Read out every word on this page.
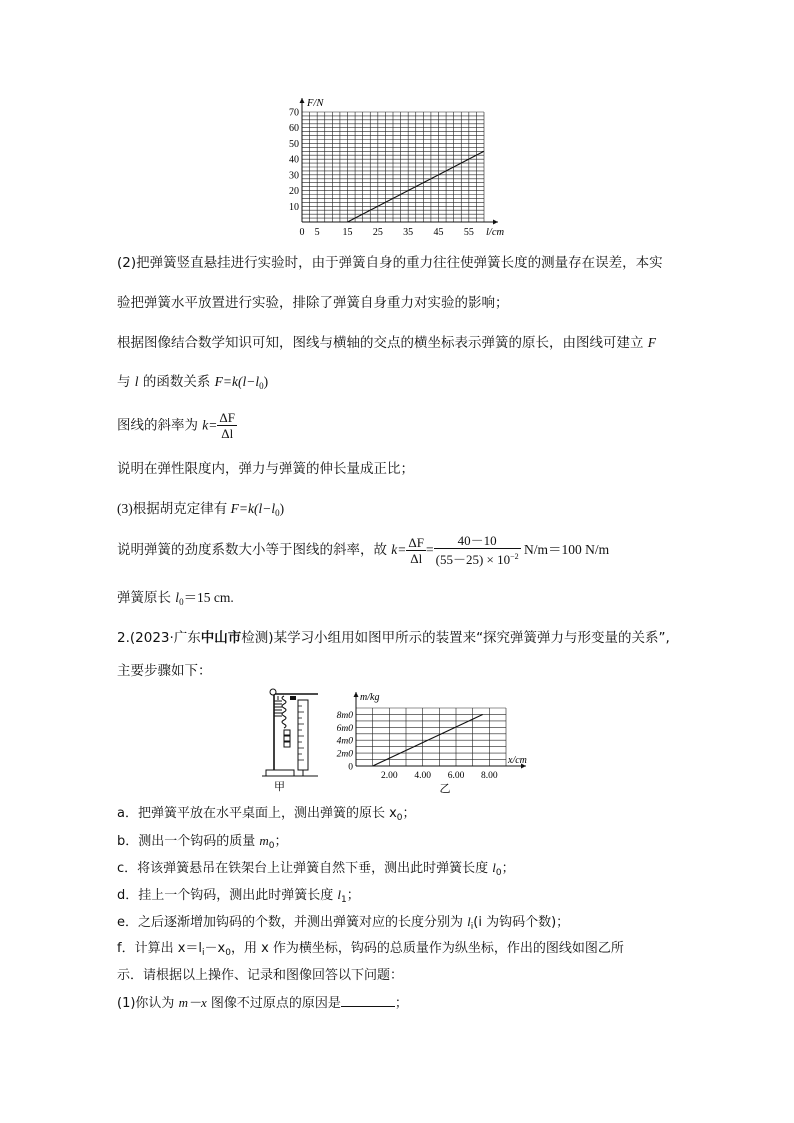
10
20
30
40
50
60
70
0 5 15 25 35 45 55
F/N
l/cm
(2)把弹簧竖直悬挂进行实验时，由于弹簧自身的重力往往使弹簧长度的测量存在误差，本实
验把弹簧水平放置进行实验，排除了弹簧自身重力对实验的影响；
根据图像结合数学知识可知，图线与横轴的交点的横坐标表示弹簧的原长，由图线可建立 F
与 l 的函数关系 $F=k(l-l_0)$
图线的斜率为 $k= \frac{\Delta F}{\Delta l}$
说明在弹性限度内，弹力与弹簧的伸长量成正比；
(3)根据胡克定律有 $F=k(l-l_0)$
说明弹簧的劲度系数大小等于图线的斜率，故 $k= \frac{\Delta F}{\Delta l} = \frac{40-10}{(55-25) \times 10^{-2}} N/m=100$ N/m
弹簧原长 $l_0=15$ cm.
2.(2023·广东中山市检测)某学习小组用如图甲所示的装置来“探究弹簧弹力与形变量的关系”,
主要步骤如下：
甲
0
2m0
4m0
6m0
8m0
2.00 4.00 6.00 8.00
m/kg
x/cm
乙
a．把弹簧平放在水平桌面上，测出弹簧的原长 $x_0$；
b．测出一个钩码的质量 $m_0$；
c．将该弹簧悬吊在铁架台上让弹簧自然下垂，测出此时弹簧长度 $l_0$；
d．挂上一个钩码，测出此时弹簧长度 $l_1$；
e．之后逐渐增加钩码的个数，并测出弹簧对应的长度分别为 $l_i(i$ 为钩码个数)；
f．计算出 $x=l_i-x_0$，用 x 作为横坐标，钩码的总质量作为纵坐标，作出的图线如图乙所
示．请根据以上操作、记录和图像回答以下问题：
(1)你认为 m－x 图像不过原点的原因是	；
